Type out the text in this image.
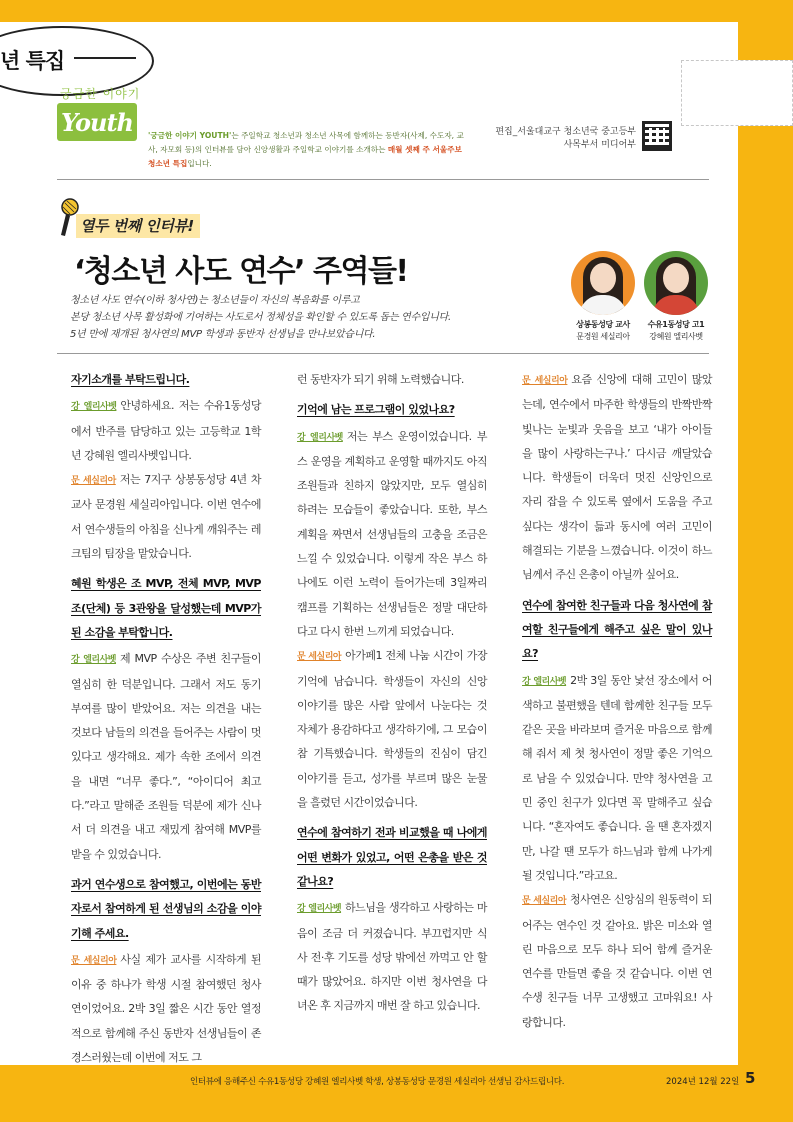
년 특집
궁금한 이야기
Youth '궁금한 이야기 YOUTH'는 주일학교 청소년과 청소년 사목에 함께하는 동반자(사제, 수도자, 교사, 자모회 등)의 인터뷰를 담아 신앙생활과 주일학교 이야기를 소개하는 매월 셋째 주 서울주보 청소년 특집입니다.
편집_서울대교구 청소년국 중고등부
사목부서 미디어부
열두 번째 인터뷰!
‘청소년 사도 연수’ 주역들!
청소년 사도 연수(이하 청사연)는 청소년들이 자신의 복음화를 이루고
본당 청소년 사목 활성화에 기여하는 사도로서 정체성을 확인할 수 있도록 돕는 연수입니다.
5년 만에 재개된 청사연의 MVP 학생과 동반자 선생님을 만나보았습니다.
상봉동성당 교사
문경원 세실리아
수유1동성당 고1
강혜원 엘리사벳

자기소개를 부탁드립니다.

강 엘리사벳 안녕하세요. 저는 수유1동성당에서 반주를 담당하고 있는 고등학교 1학년 강혜원 엘리사벳입니다.

문 세실리아 저는 7지구 상봉동성당 4년 차 교사 문경원 세실리아입니다. 이번 연수에서 연수생들의 아침을 신나게 깨워주는 레크팀의 팀장을 맡았습니다.

혜원 학생은 조 MVP, 전체 MVP, MVP조(단체) 등 3관왕을 달성했는데 MVP가 된 소감을 부탁합니다.

강 엘리사벳 제 MVP 수상은 주변 친구들이 열심히 한 덕분입니다. 그래서 저도 동기부여를 많이 받았어요. 저는 의견을 내는 것보다 남들의 의견을 들어주는 사람이 멋있다고 생각해요. 제가 속한 조에서 의견을 내면 “너무 좋다.”, “아이디어 최고다.”라고 말해준 조원들 덕분에 제가 신나서 더 의견을 내고 재밌게 참여해 MVP를 받을 수 있었습니다.

과거 연수생으로 참여했고, 이번에는 동반자로서 참여하게 된 선생님의 소감을 이야기해 주세요.

문 세실리아 사실 제가 교사를 시작하게 된 이유 중 하나가 학생 시절 참여했던 청사연이었어요. 2박 3일 짧은 시간 동안 열정적으로 함께해 주신 동반자 선생님들이 존경스러웠는데 이번에 저도 그

런 동반자가 되기 위해 노력했습니다.

기억에 남는 프로그램이 있었나요?

강 엘리사벳 저는 부스 운영이었습니다. 부스 운영을 계획하고 운영할 때까지도 아직 조원들과 친하지 않았지만, 모두 열심히 하려는 모습들이 좋았습니다. 또한, 부스 계획을 짜면서 선생님들의 고충을 조금은 느낄 수 있었습니다. 이렇게 작은 부스 하나에도 이런 노력이 들어가는데 3일짜리 캠프를 기획하는 선생님들은 정말 대단하다고 다시 한번 느끼게 되었습니다.

문 세실리아 아가페1 전체 나눔 시간이 가장 기억에 남습니다. 학생들이 자신의 신앙 이야기를 많은 사람 앞에서 나눈다는 것 자체가 용감하다고 생각하기에, 그 모습이 참 기특했습니다. 학생들의 진심이 담긴 이야기를 듣고, 성가를 부르며 많은 눈물을 흘렸던 시간이었습니다.

연수에 참여하기 전과 비교했을 때 나에게 어떤 변화가 있었고, 어떤 은총을 받은 것 같나요?

강 엘리사벳 하느님을 생각하고 사랑하는 마음이 조금 더 커졌습니다. 부끄럽지만 식사 전·후 기도를 성당 밖에선 까먹고 안 할 때가 많았어요. 하지만 이번 청사연을 다녀온 후 지금까지 매번 잘 하고 있습니다.

문 세실리아 요즘 신앙에 대해 고민이 많았는데, 연수에서 마주한 학생들의 반짝반짝 빛나는 눈빛과 웃음을 보고 ‘내가 아이들을 많이 사랑하는구나.’ 다시금 깨달았습니다. 학생들이 더욱더 멋진 신앙인으로 자리 잡을 수 있도록 옆에서 도움을 주고 싶다는 생각이 듦과 동시에 여러 고민이 해결되는 기분을 느꼈습니다. 이것이 하느님께서 주신 은총이 아닐까 싶어요.

연수에 참여한 친구들과 다음 청사연에 참여할 친구들에게 해주고 싶은 말이 있나요?

강 엘리사벳 2박 3일 동안 낯선 장소에서 어색하고 불편했을 텐데 함께한 친구들 모두 같은 곳을 바라보며 즐거운 마음으로 함께해 줘서 제 첫 청사연이 정말 좋은 기억으로 남을 수 있었습니다. 만약 청사연을 고민 중인 친구가 있다면 꼭 말해주고 싶습니다. “혼자여도 좋습니다. 올 땐 혼자겠지만, 나갈 땐 모두가 하느님과 함께 나가게 될 것입니다.”라고요.

문 세실리아 청사연은 신앙심의 원동력이 되어주는 연수인 것 같아요. 밝은 미소와 열린 마음으로 모두 하나 되어 함께 즐거운 연수를 만들면 좋을 것 같습니다. 이번 연수생 친구들 너무 고생했고 고마워요! 사랑합니다.

인터뷰에 응해주신 수유1동성당 강혜원 엘리사벳 학생, 상봉동성당 문경원 세실리아 선생님 감사드립니다.	2024년 12월 22일 5
